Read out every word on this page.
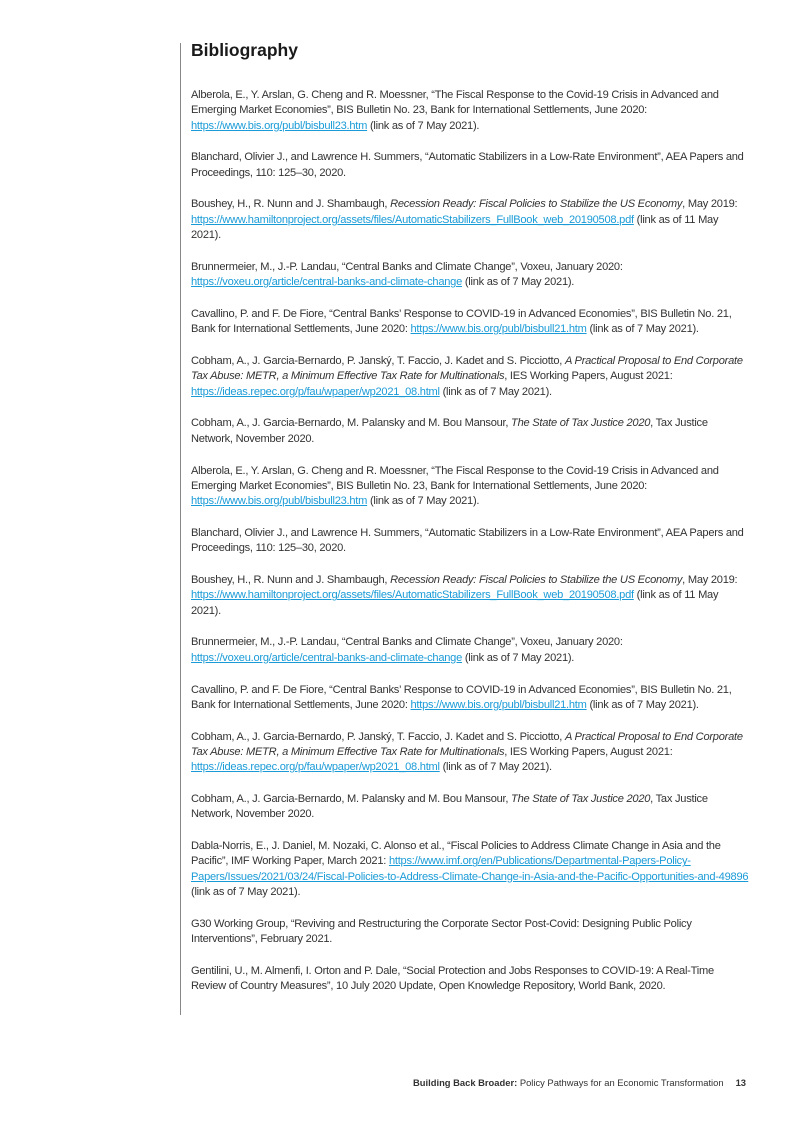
Bibliography

Alberola, E., Y. Arslan, G. Cheng and R. Moessner, “The Fiscal Response to the Covid-19 Crisis in Advanced and Emerging Market Economies”, BIS Bulletin No. 23, Bank for International Settlements, June 2020: https://www.bis.org/publ/bisbull23.htm (link as of 7 May 2021).

Blanchard, Olivier J., and Lawrence H. Summers, “Automatic Stabilizers in a Low-Rate Environment”, AEA Papers and Proceedings, 110: 125–30, 2020.

Boushey, H., R. Nunn and J. Shambaugh, Recession Ready: Fiscal Policies to Stabilize the US Economy, May 2019: https://www.hamiltonproject.org/assets/files/AutomaticStabilizers_FullBook_web_20190508.pdf (link as of 11 May 2021).

Brunnermeier, M., J.-P. Landau, “Central Banks and Climate Change”, Voxeu, January 2020: https://voxeu.org/article/central-banks-and-climate-change (link as of 7 May 2021).

Cavallino, P. and F. De Fiore, “Central Banks’ Response to COVID-19 in Advanced Economies”, BIS Bulletin No. 21, Bank for International Settlements, June 2020: https://www.bis.org/publ/bisbull21.htm (link as of 7 May 2021).

Cobham, A., J. Garcia-Bernardo, P. Janský, T. Faccio, J. Kadet and S. Picciotto, A Practical Proposal to End Corporate Tax Abuse: METR, a Minimum Effective Tax Rate for Multinationals, IES Working Papers, August 2021: https://ideas.repec.org/p/fau/wpaper/wp2021_08.html (link as of 7 May 2021).

Cobham, A., J. Garcia-Bernardo, M. Palansky and M. Bou Mansour, The State of Tax Justice 2020, Tax Justice Network, November 2020.

Alberola, E., Y. Arslan, G. Cheng and R. Moessner, “The Fiscal Response to the Covid-19 Crisis in Advanced and Emerging Market Economies”, BIS Bulletin No. 23, Bank for International Settlements, June 2020: https://www.bis.org/publ/bisbull23.htm (link as of 7 May 2021).

Blanchard, Olivier J., and Lawrence H. Summers, “Automatic Stabilizers in a Low-Rate Environment”, AEA Papers and Proceedings, 110: 125–30, 2020.

Boushey, H., R. Nunn and J. Shambaugh, Recession Ready: Fiscal Policies to Stabilize the US Economy, May 2019: https://www.hamiltonproject.org/assets/files/AutomaticStabilizers_FullBook_web_20190508.pdf (link as of 11 May 2021).

Brunnermeier, M., J.-P. Landau, “Central Banks and Climate Change”, Voxeu, January 2020: https://voxeu.org/article/central-banks-and-climate-change (link as of 7 May 2021).

Cavallino, P. and F. De Fiore, “Central Banks’ Response to COVID-19 in Advanced Economies”, BIS Bulletin No. 21, Bank for International Settlements, June 2020: https://www.bis.org/publ/bisbull21.htm (link as of 7 May 2021).

Cobham, A., J. Garcia-Bernardo, P. Janský, T. Faccio, J. Kadet and S. Picciotto, A Practical Proposal to End Corporate Tax Abuse: METR, a Minimum Effective Tax Rate for Multinationals, IES Working Papers, August 2021: https://ideas.repec.org/p/fau/wpaper/wp2021_08.html (link as of 7 May 2021).

Cobham, A., J. Garcia-Bernardo, M. Palansky and M. Bou Mansour, The State of Tax Justice 2020, Tax Justice Network, November 2020.

Dabla-Norris, E., J. Daniel, M. Nozaki, C. Alonso et al., “Fiscal Policies to Address Climate Change in Asia and the Pacific”, IMF Working Paper, March 2021: https://www.imf.org/en/Publications/Departmental-Papers-Policy-Papers/Issues/2021/03/24/Fiscal-Policies-to-Address-Climate-Change-in-Asia-and-the-Pacific-Opportunities-and-49896 (link as of 7 May 2021).

G30 Working Group, “Reviving and Restructuring the Corporate Sector Post-Covid: Designing Public Policy Interventions”, February 2021.

Gentilini, U., M. Almenfi, I. Orton and P. Dale, “Social Protection and Jobs Responses to COVID-19: A Real-Time Review of Country Measures”, 10 July 2020 Update, Open Knowledge Repository, World Bank, 2020.

Building Back Broader: Policy Pathways for an Economic Transformation 13
